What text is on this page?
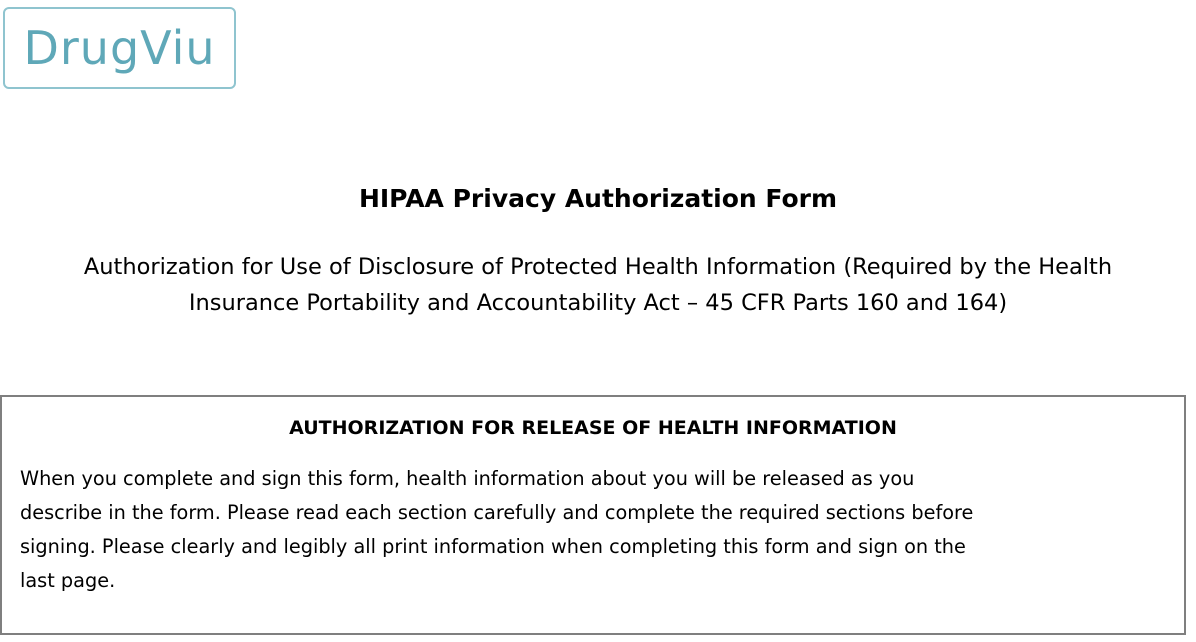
DrugViu
HIPAA Privacy Authorization Form
Authorization for Use of Disclosure of Protected Health Information (Required by the Health
Insurance Portability and Accountability Act – 45 CFR Parts 160 and 164)
AUTHORIZATION FOR RELEASE OF HEALTH INFORMATION
When you complete and sign this form, health information about you will be released as you
describe in the form. Please read each section carefully and complete the required sections before
signing. Please clearly and legibly all print information when completing this form and sign on the
last page.
